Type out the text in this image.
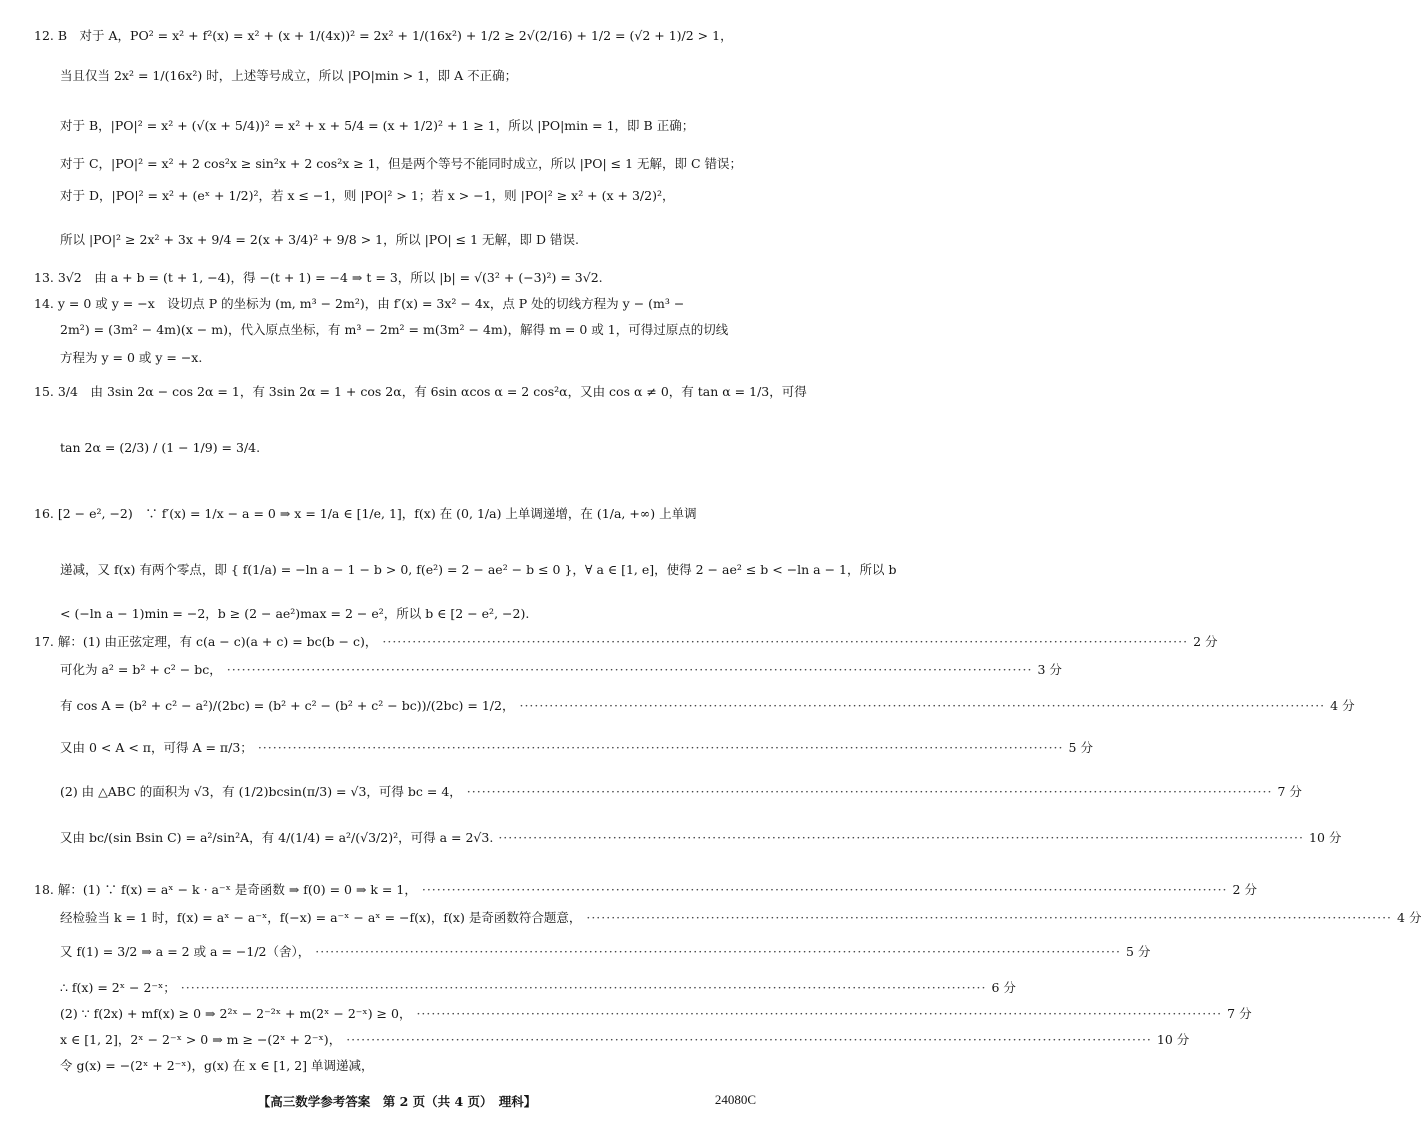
12. B　对于 A，PO² = x² + f²(x) = x² + (x + 1/(4x))² = 2x² + 1/(16x²) + 1/2 ≥ 2√(2/16) + 1/2 = (√2 + 1)/2 > 1，
当且仅当 2x² = 1/(16x²) 时，上述等号成立，所以 |PO|min > 1，即 A 不正确；
对于 B，|PO|² = x² + (√(x + 5/4))² = x² + x + 5/4 = (x + 1/2)² + 1 ≥ 1，所以 |PO|min = 1，即 B 正确；
对于 C，|PO|² = x² + 2 cos²x ≥ sin²x + 2 cos²x ≥ 1，但是两个等号不能同时成立，所以 |PO| ≤ 1 无解，即 C 错误；
对于 D，|PO|² = x² + (eˣ + 1/2)²，若 x ≤ −1，则 |PO|² > 1；若 x > −1，则 |PO|² ≥ x² + (x + 3/2)²，
所以 |PO|² ≥ 2x² + 3x + 9/4 = 2(x + 3/4)² + 9/8 > 1，所以 |PO| ≤ 1 无解，即 D 错误.
13. 3√2　由 a + b = (t + 1, −4)，得 −(t + 1) = −4 ⇒ t = 3，所以 |b| = √(3² + (−3)²) = 3√2.
14. y = 0 或 y = −x　设切点 P 的坐标为 (m, m³ − 2m²)，由 f′(x) = 3x² − 4x，点 P 处的切线方程为 y − (m³ −
2m²) = (3m² − 4m)(x − m)，代入原点坐标，有 m³ − 2m² = m(3m² − 4m)，解得 m = 0 或 1，可得过原点的切线
方程为 y = 0 或 y = −x.
15. 3/4　由 3sin 2α − cos 2α = 1，有 3sin 2α = 1 + cos 2α，有 6sin αcos α = 2 cos²α，又由 cos α ≠ 0，有 tan α = 1/3，可得
tan 2α = (2/3) / (1 − 1/9) = 3/4.
16. [2 − e², −2)　∵ f′(x) = 1/x − a = 0 ⇒ x = 1/a ∈ [1/e, 1]，f(x) 在 (0, 1/a) 上单调递增，在 (1/a, +∞) 上单调
递减，又 f(x) 有两个零点，即 { f(1/a) = −ln a − 1 − b > 0, f(e²) = 2 − ae² − b ≤ 0 }，∀ a ∈ [1, e]，使得 2 − ae² ≤ b < −ln a − 1，所以 b
< (−ln a − 1)min = −2，b ≥ (2 − ae²)max = 2 − e²，所以 b ∈ [2 − e², −2).
17. 解：(1) 由正弦定理，有 c(a − c)(a + c) = bc(b − c)， ·····	2 分
可化为 a² = b² + c² − bc， ·····	3 分
有 cos A = (b² + c² − a²)/(2bc) = (b² + c² − (b² + c² − bc))/(2bc) = 1/2， ·····	4 分
又由 0 < A < π，可得 A = π/3； ·····	5 分
(2) 由 △ABC 的面积为 √3，有 (1/2)bcsin(π/3) = √3，可得 bc = 4， ·····	7 分
又由 bc/(sin Bsin C) = a²/sin²A，有 4/(1/4) = a²/(√3/2)²，可得 a = 2√3. ·····	10 分
18. 解：(1) ∵ f(x) = aˣ − k · a⁻ˣ 是奇函数 ⇒ f(0) = 0 ⇒ k = 1， ·····	2 分
经检验当 k = 1 时，f(x) = aˣ − a⁻ˣ，f(−x) = a⁻ˣ − aˣ = −f(x)，f(x) 是奇函数符合题意， ·····	4 分
又 f(1) = 3/2 ⇒ a = 2 或 a = −1/2（舍）， ·····	5 分
∴ f(x) = 2ˣ − 2⁻ˣ； ·····	6 分
(2) ∵ f(2x) + mf(x) ≥ 0 ⇒ 2²ˣ − 2⁻²ˣ + m(2ˣ − 2⁻ˣ) ≥ 0， ·····	7 分
x ∈ [1, 2]，2ˣ − 2⁻ˣ > 0 ⇒ m ≥ −(2ˣ + 2⁻ˣ)， ·····	10 分
令 g(x) = −(2ˣ + 2⁻ˣ)，g(x) 在 x ∈ [1, 2] 单调递减，
【高三数学参考答案　第 2 页（共 4 页）　理科】	24080C
